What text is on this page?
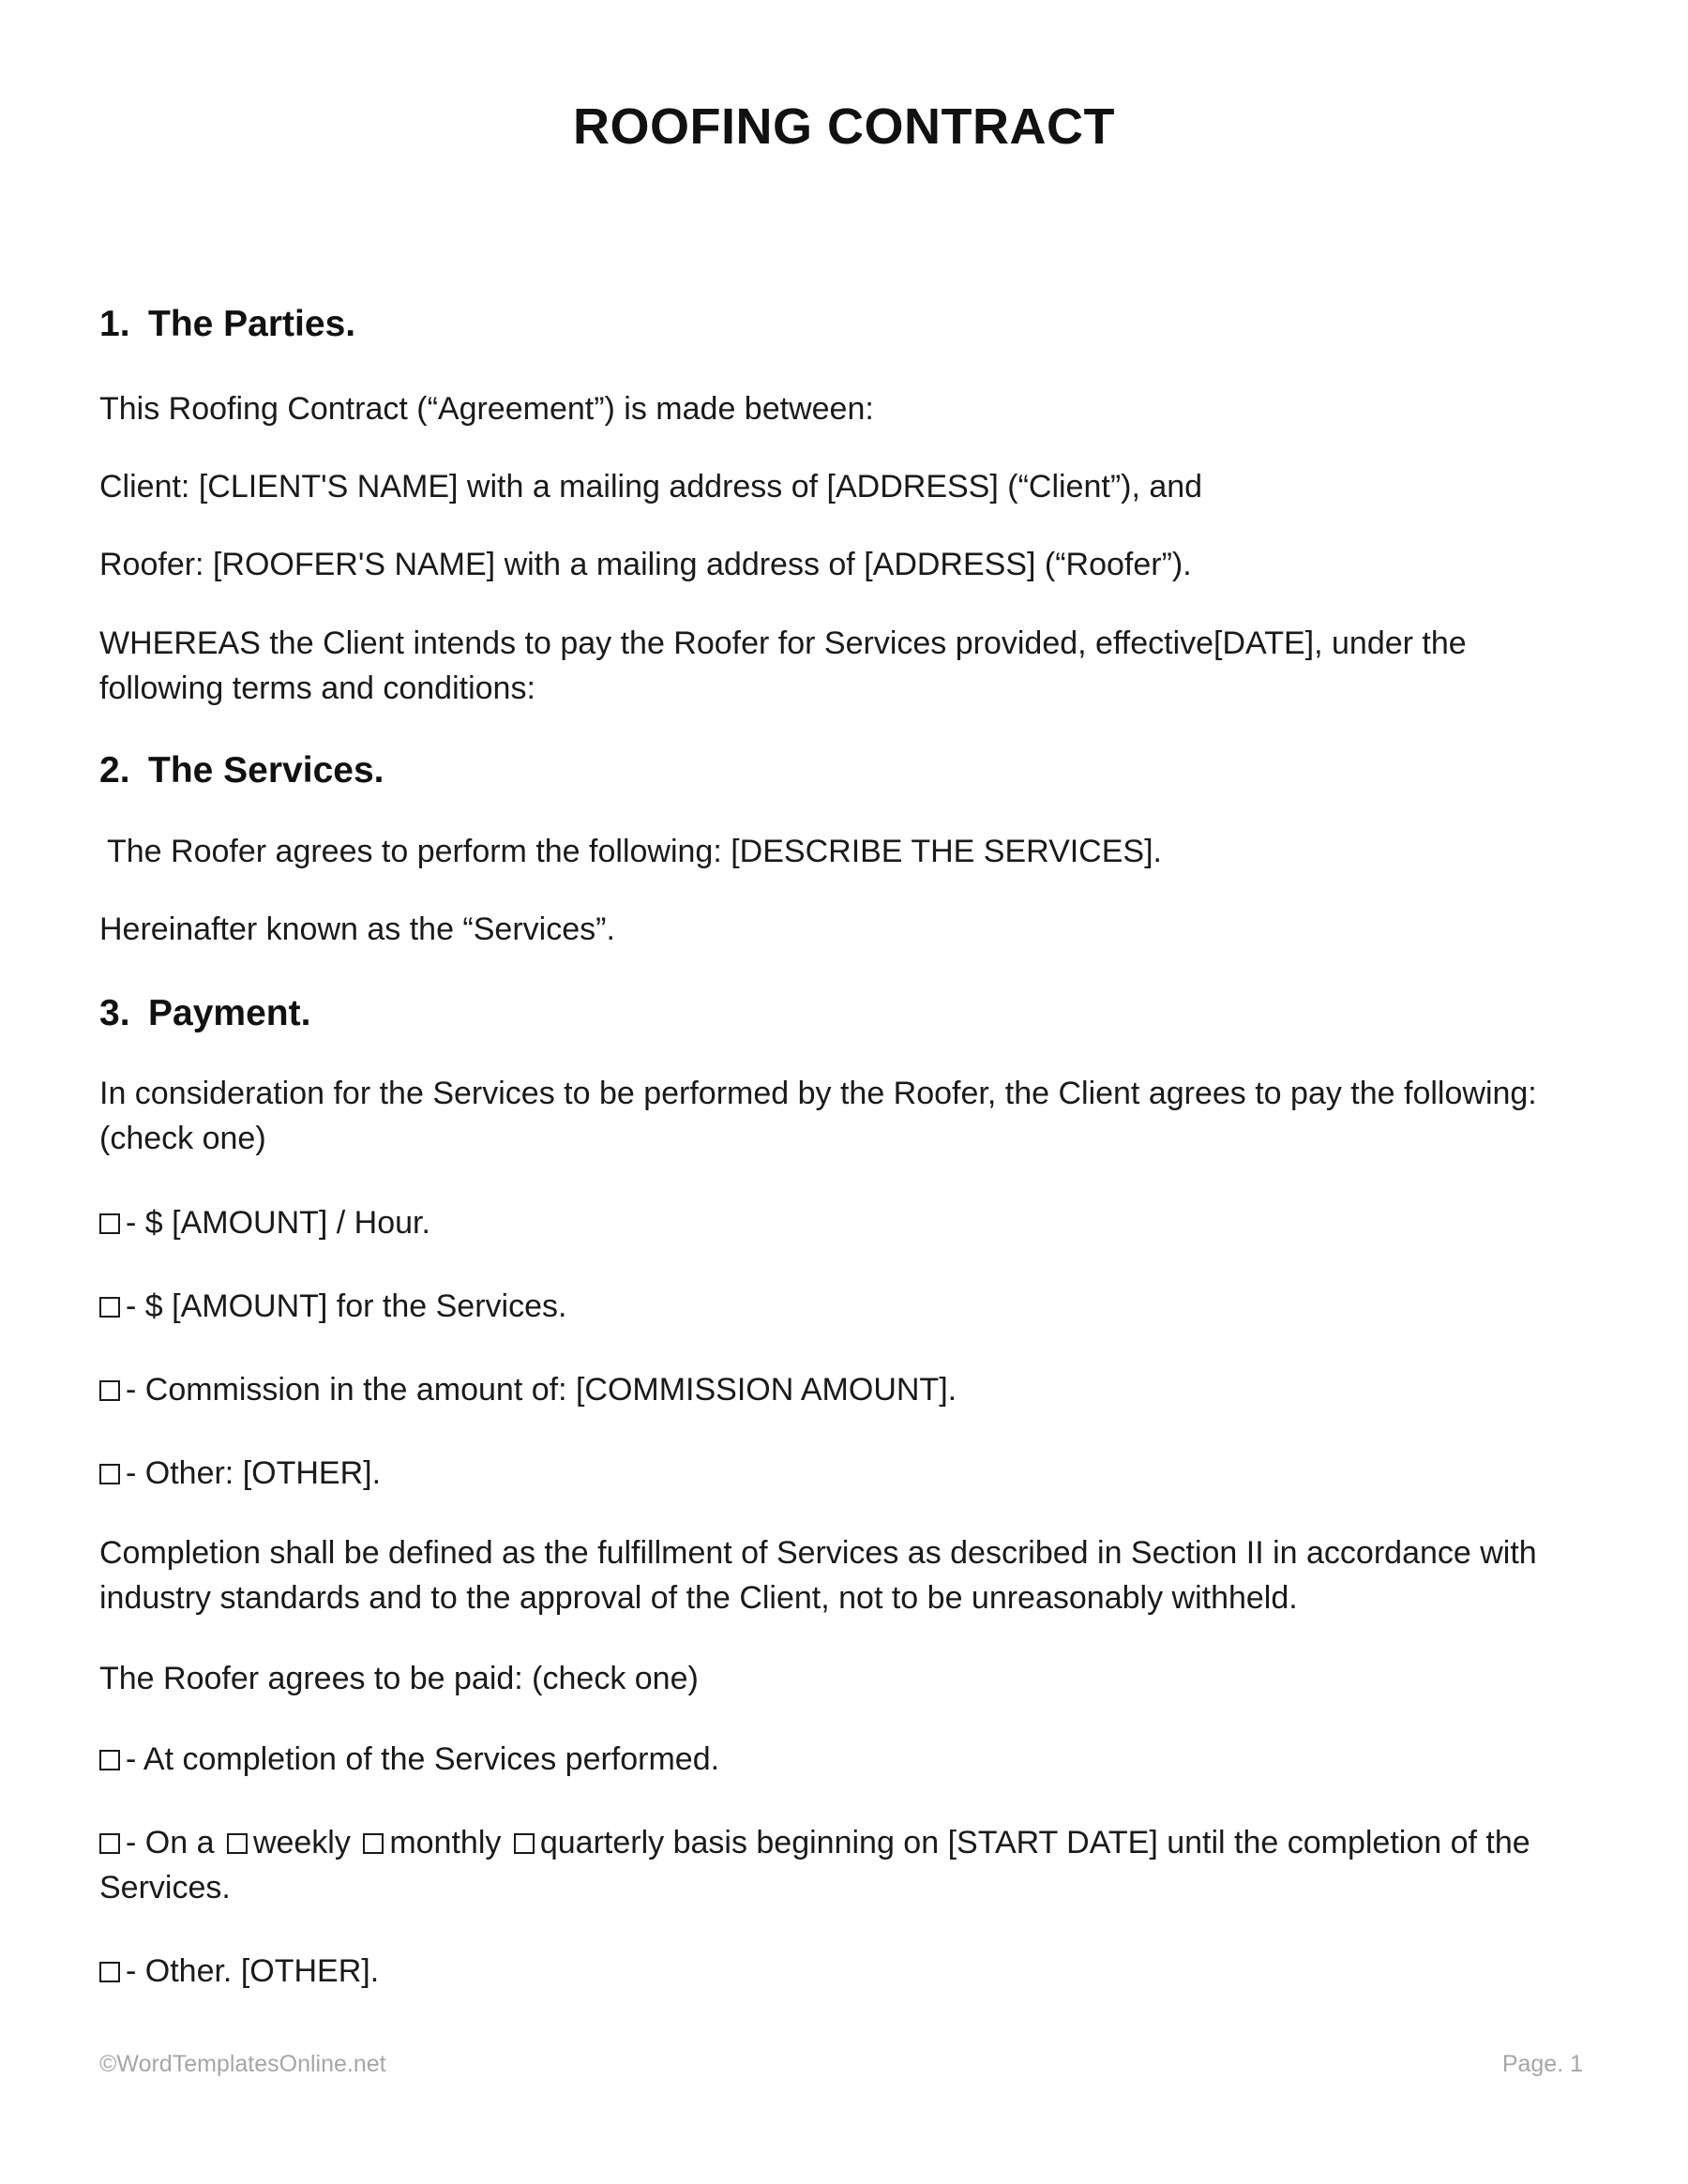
ROOFING CONTRACT
1. The Parties.
This Roofing Contract (“Agreement”) is made between:
Client: [CLIENT'S NAME] with a mailing address of [ADDRESS] (“Client”), and
Roofer: [ROOFER'S NAME] with a mailing address of [ADDRESS] (“Roofer”).
WHEREAS the Client intends to pay the Roofer for Services provided, effective[DATE], under the following terms and conditions:
2. The Services.
The Roofer agrees to perform the following: [DESCRIBE THE SERVICES].
Hereinafter known as the “Services”.
3. Payment.
In consideration for the Services to be performed by the Roofer, the Client agrees to pay the following: (check one)
- $ [AMOUNT] / Hour.
- $ [AMOUNT] for the Services.
- Commission in the amount of: [COMMISSION AMOUNT].
- Other: [OTHER].
Completion shall be defined as the fulfillment of Services as described in Section II in accordance with industry standards and to the approval of the Client, not to be unreasonably withheld.
The Roofer agrees to be paid: (check one)
- At completion of the Services performed.
- On a weekly monthly quarterly basis beginning on [START DATE] until the completion of the Services.
- Other. [OTHER].
©WordTemplatesOnline.net	Page. 1
